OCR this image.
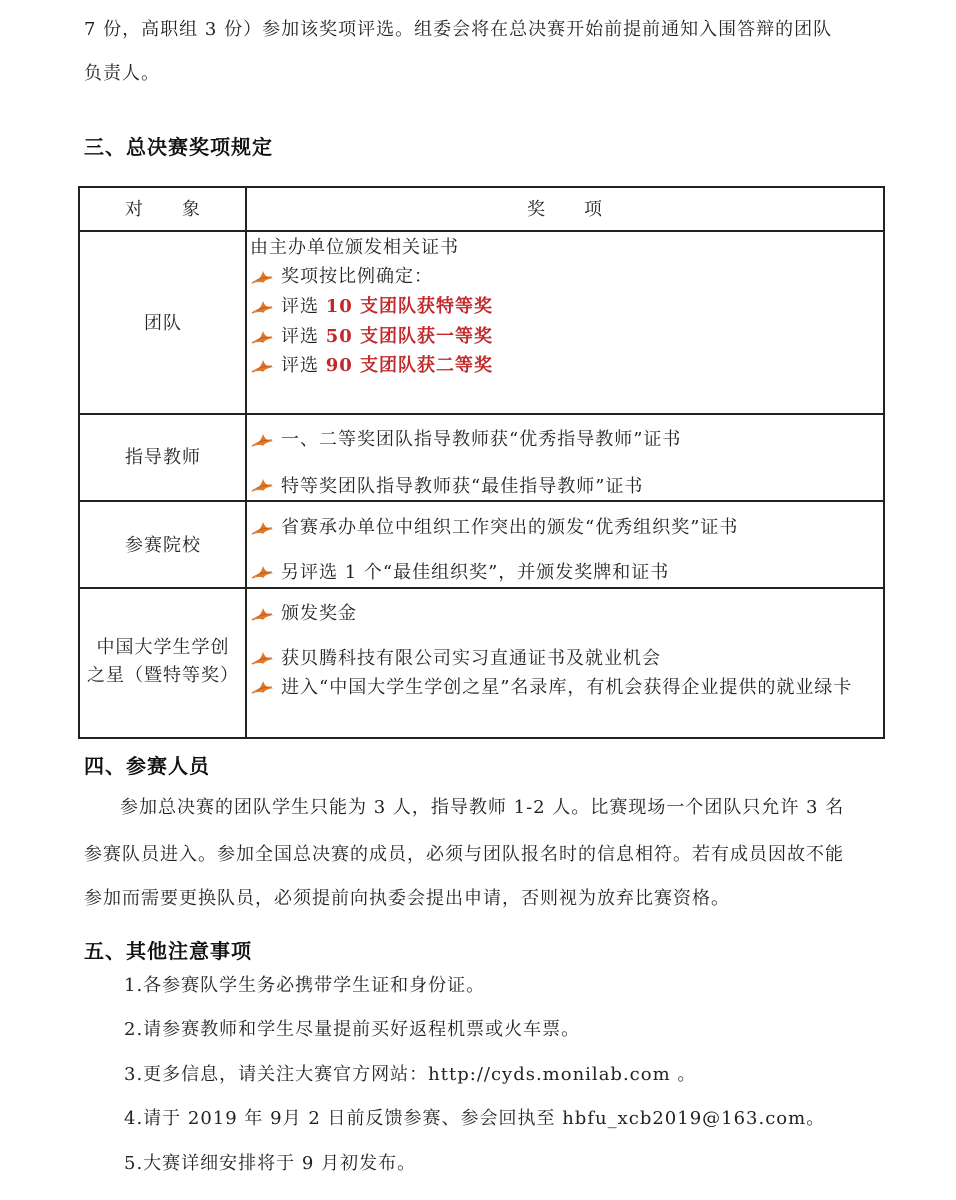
7 份，高职组 3 份）参加该奖项评选。组委会将在总决赛开始前提前通知入围答辩的团队
负责人。
三、总决赛奖项规定
对　　象	奖　　项
团队
由主办单位颁发相关证书
奖项按比例确定：
评选 10 支团队获特等奖
评选 50 支团队获一等奖
评选 90 支团队获二等奖
指导教师
一、二等奖团队指导教师获“优秀指导教师”证书
特等奖团队指导教师获“最佳指导教师”证书
参赛院校
省赛承办单位中组织工作突出的颁发“优秀组织奖”证书
另评选 1 个“最佳组织奖”，并颁发奖牌和证书
中国大学生学创
之星（暨特等奖）
颁发奖金
获贝腾科技有限公司实习直通证书及就业机会
进入“中国大学生学创之星”名录库，有机会获得企业提供的就业绿卡
四、参赛人员
参加总决赛的团队学生只能为 3 人，指导教师 1-2 人。比赛现场一个团队只允许 3 名
参赛队员进入。参加全国总决赛的成员，必须与团队报名时的信息相符。若有成员因故不能
参加而需要更换队员，必须提前向执委会提出申请，否则视为放弃比赛资格。
五、其他注意事项
1.各参赛队学生务必携带学生证和身份证。
2.请参赛教师和学生尽量提前买好返程机票或火车票。
3.更多信息，请关注大赛官方网站：http://cyds.monilab.com 。
4.请于 2019 年 9月 2 日前反馈参赛、参会回执至 hbfu_xcb2019@163.com。
5.大赛详细安排将于 9 月初发布。
